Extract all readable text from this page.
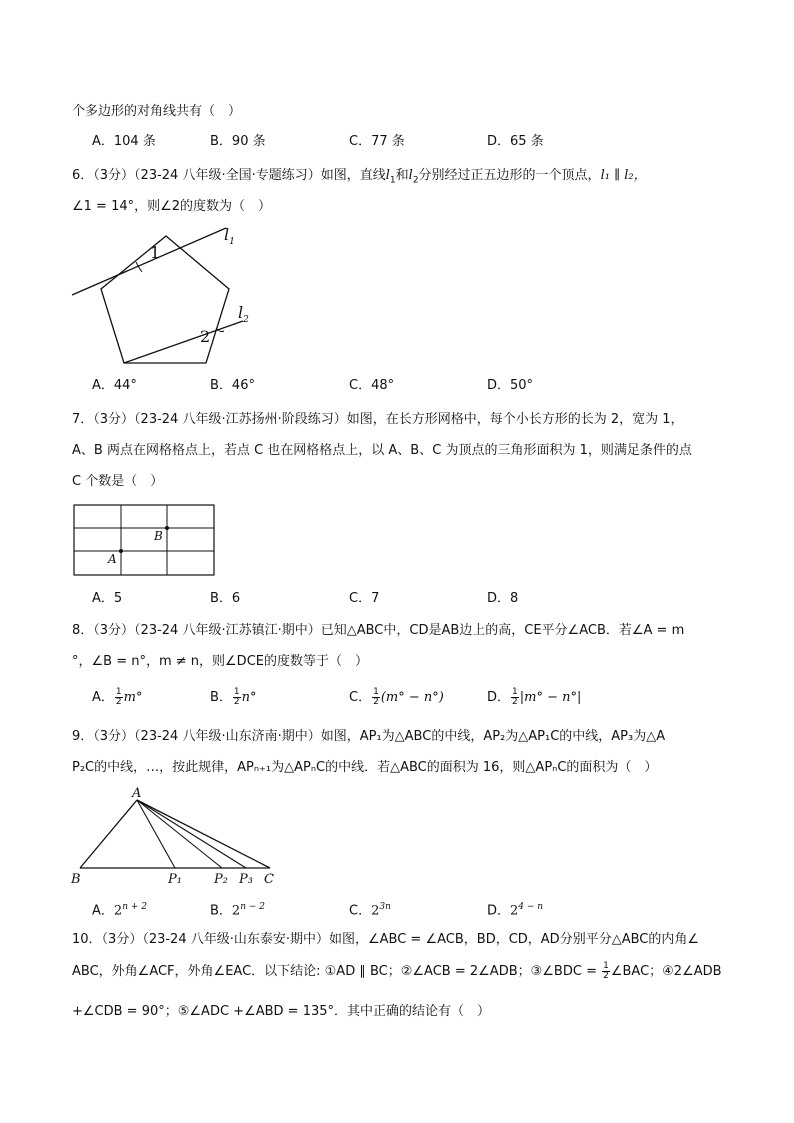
个多边形的对角线共有（　）
A．104 条	B．90 条	C．77 条	D．65 条
6．（3分）（23-24 八年级·全国·专题练习）如图，直线$l_1$和$l_2$分别经过正五边形的一个顶点，l₁ ∥ l₂，
∠1 = 14°，则∠2的度数为（　）
1
2
$l_1$
$l_2$
A．44°	B．46°	C．48°	D．50°
7．（3分）（23-24 八年级·江苏扬州·阶段练习）如图，在长方形网格中，每个小长方形的长为 2，宽为 1，
A、B 两点在网格格点上，若点 C 也在网格格点上，以 A、B、C 为顶点的三角形面积为 1，则满足条件的点
C 个数是（　）
A
B
A．5	B．6	C．7	D．8
8．（3分）（23-24 八年级·江苏镇江·期中）已知△ABC中，CD是AB边上的高，CE平分∠ACB．若∠A = m
°，∠B = n°，m ≠ n，则∠DCE的度数等于（　）
A． $\frac{1}{2} m^\circ$	B． $\frac{1}{2} n^\circ$	C． $\frac{1}{2} (m^\circ - n^\circ)$	D． $\frac{1}{2} |m^\circ - n^\circ|$
9．（3分）（23-24 八年级·山东济南·期中）如图，AP₁为△ABC的中线，AP₂为△AP₁C的中线，AP₃为△A
P₂C的中线，…，按此规律，APₙ₊₁为△APₙC的中线．若△ABC的面积为 16，则△APₙC的面积为（　）
A
B	P₁ P₂ P₃ C
A．$2^{n + 2}$	B．$2^{n - 2}$	C．$2^{3n}$	D．$2^{4 - n}$
10．（3分）（23-24 八年级·山东泰安·期中）如图，∠ABC = ∠ACB，BD，CD，AD分别平分△ABC的内角∠
ABC，外角∠ACF，外角∠EAC．以下结论: ①AD ∥ BC；②∠ACB = 2∠ADB；③∠BDC = $\frac{1}{2}$ ∠BAC；④2∠ADB
+∠CDB = 90°；⑤∠ADC +∠ABD = 135°．其中正确的结论有（　）
